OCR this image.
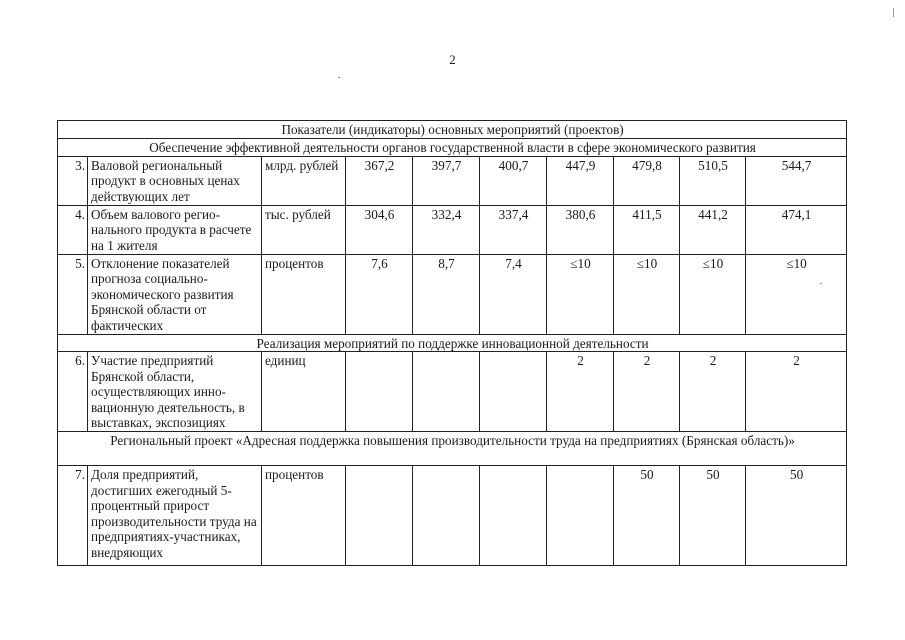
2
Показатели (индикаторы) основных мероприятий (проектов)									
Обеспечение эффективной деятельности органов государственной власти в сфере экономического развития									
3.	Валовой региональный продукт в основных ценах действующих лет	млрд. рублей	367,2	397,7	400,7	447,9	479,8	510,5	544,7
4.	Объем валового регио-нального продукта в расчете на 1 жителя	тыс. рублей	304,6	332,4	337,4	380,6	411,5	441,2	474,1
5.	Отклонение показателей прогноза социально-экономического развития Брянской области от фактических	процентов	7,6	8,7	7,4	≤10	≤10	≤10	≤10
Реализация мероприятий по поддержке инновационной деятельности									
6.	Участие предприятий Брянской области, осуществляющих инно-вационную деятельность, в выставках, экспозициях	единиц				2	2	2	2
Региональный проект «Адресная поддержка повышения производительности труда на предприятиях (Брянская область)»									
7.	Доля предприятий, достигших ежегодный 5-процентный прирост производительности труда на предприятиях-участниках, внедряющих	процентов					50	50	50
